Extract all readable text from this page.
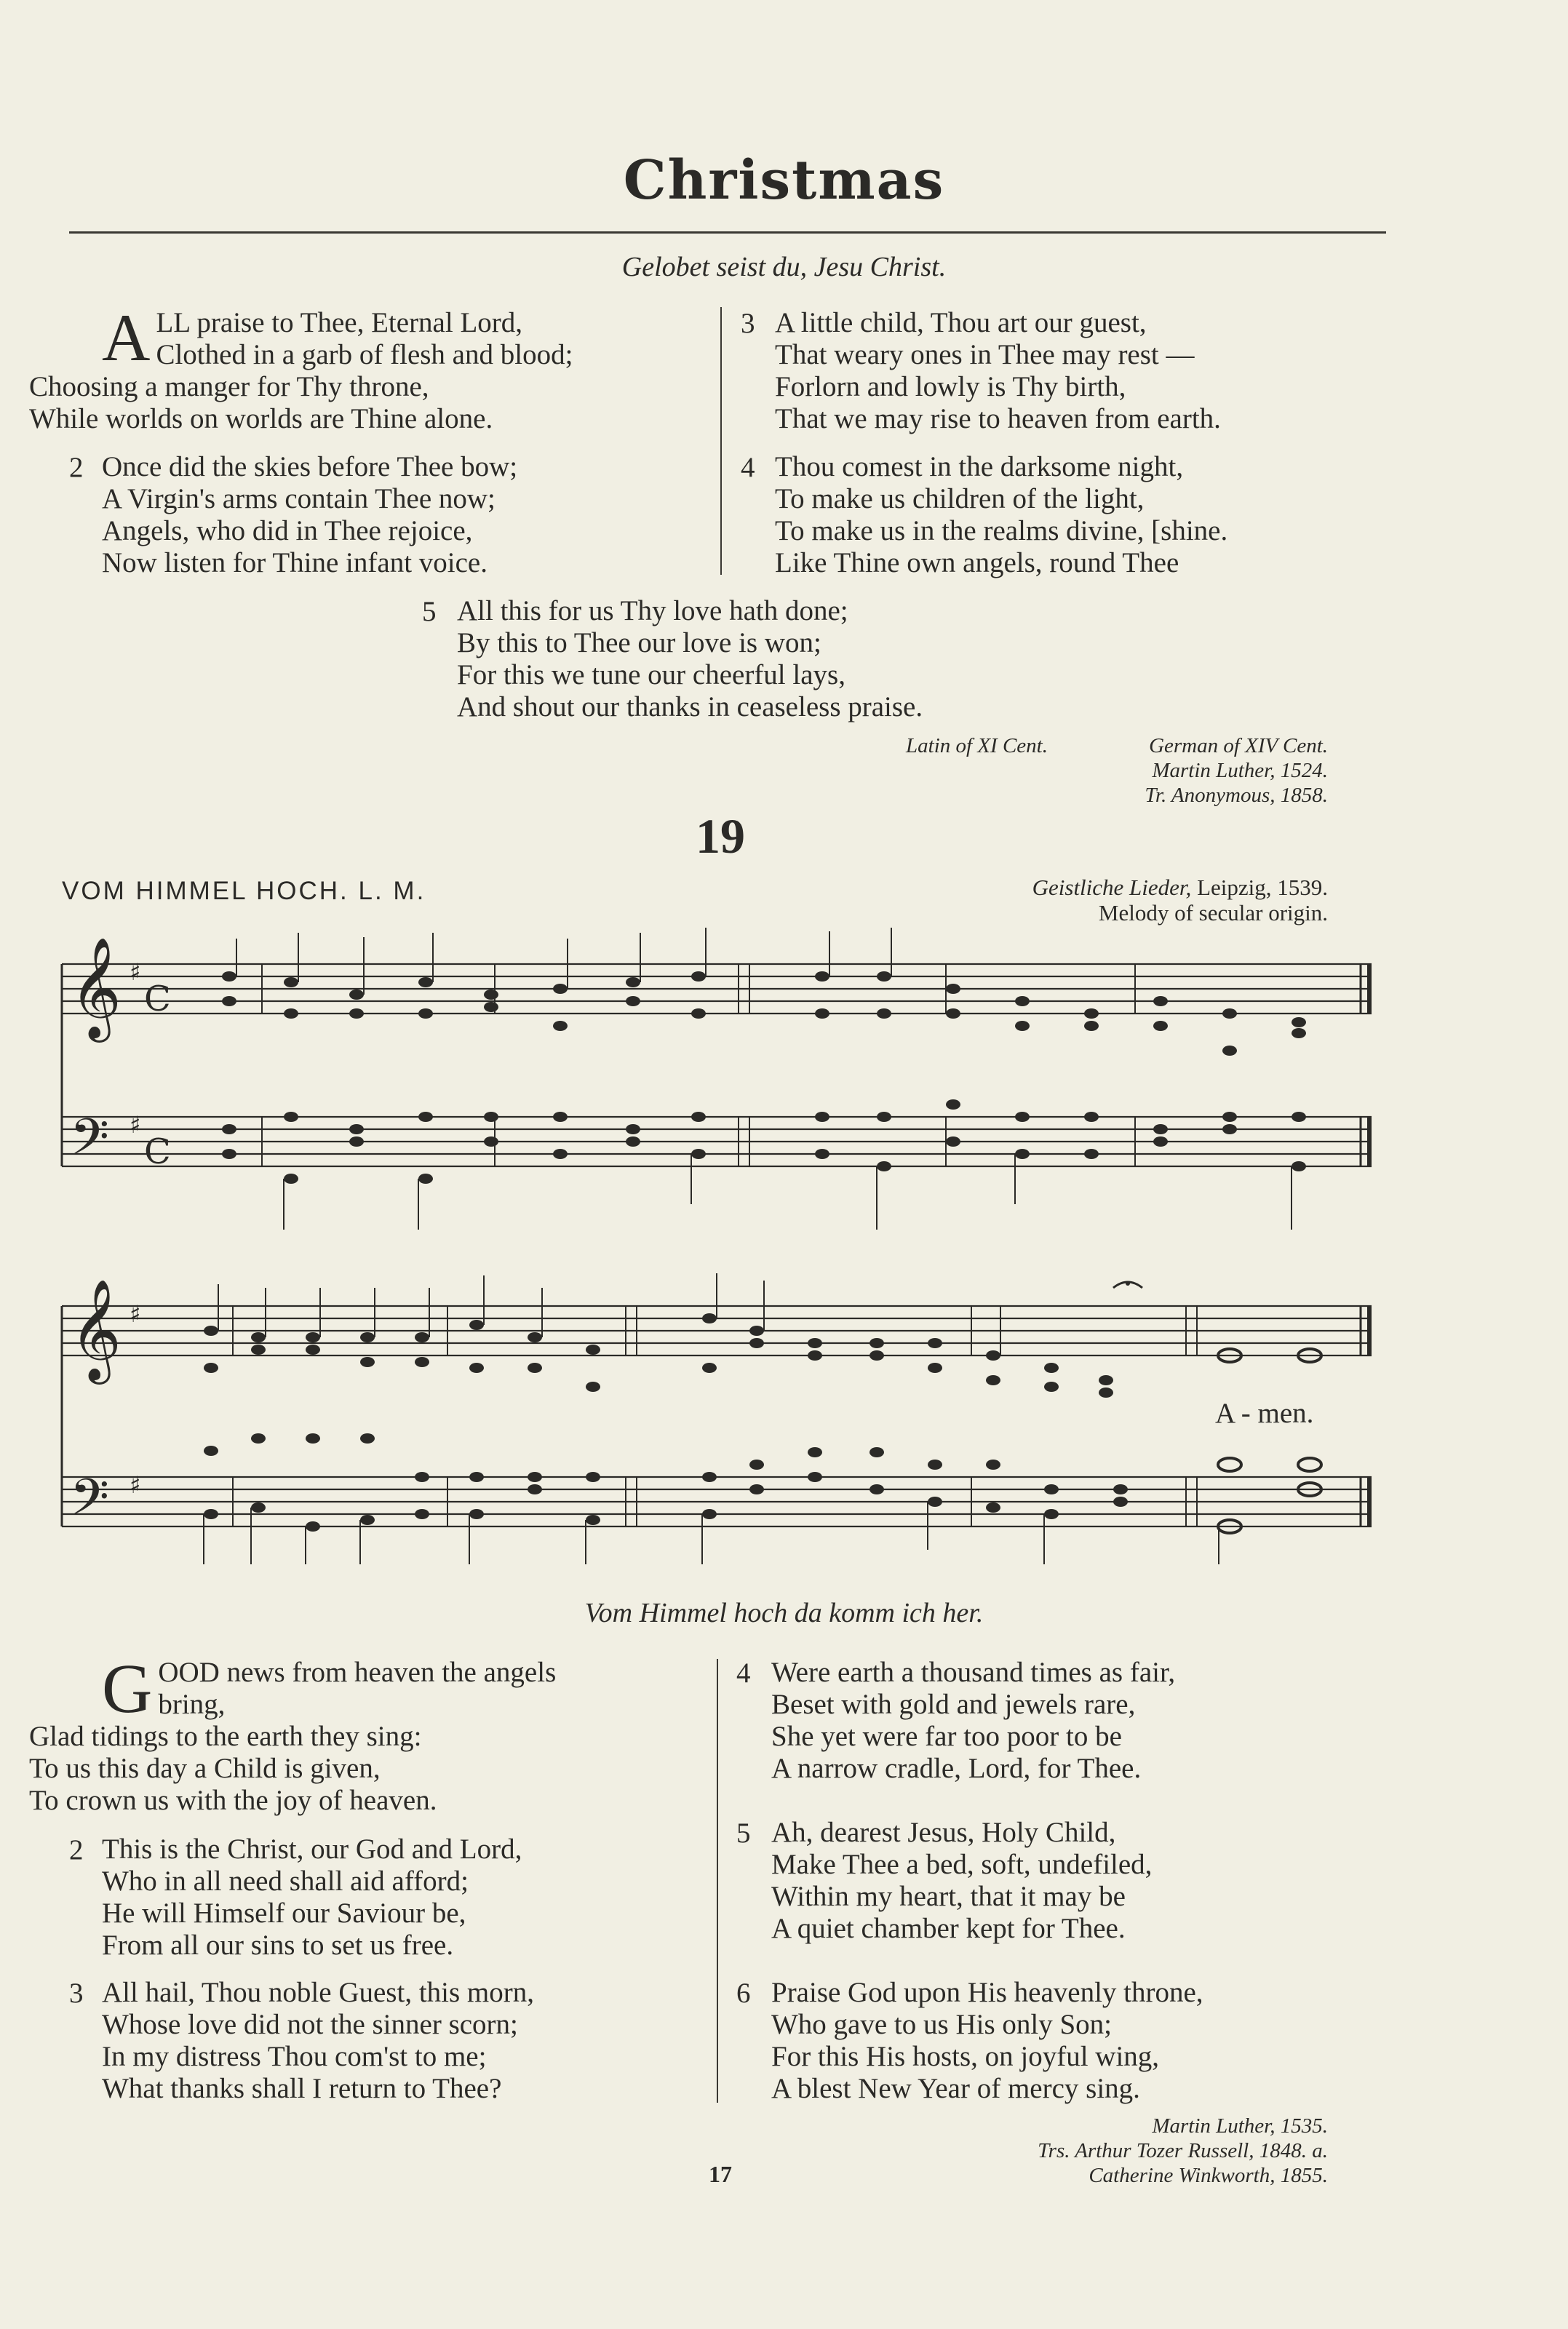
Christmas
Gelobet seist du, Jesu Christ.
A LL praise to Thee, Eternal Lord,
Clothed in a garb of flesh and blood;
Choosing a manger for Thy throne,
While worlds on worlds are Thine alone.
2 Once did the skies before Thee bow;
A Virgin's arms contain Thee now;
Angels, who did in Thee rejoice,
Now listen for Thine infant voice.
3 A little child, Thou art our guest,
That weary ones in Thee may rest —
Forlorn and lowly is Thy birth,
That we may rise to heaven from earth.
4 Thou comest in the darksome night,
To make us children of the light,
To make us in the realms divine, [shine.
Like Thine own angels, round Thee
5 All this for us Thy love hath done;
By this to Thee our love is won;
For this we tune our cheerful lays,
And shout our thanks in ceaseless praise.
Latin of XI Cent.	German of XIV Cent.
Martin Luther, 1524.
Tr. Anonymous, 1858.
19
VOM HIMMEL HOCH. L. M.	Geistliche Lieder, Leipzig, 1539.
Melody of secular origin.
𝄞
𝄢
♯
♯
C
C
𝄞
𝄢
♯
♯
A - men.
Vom Himmel hoch da komm ich her.
G OOD news from heaven the angels
bring,
Glad tidings to the earth they sing:
To us this day a Child is given,
To crown us with the joy of heaven.
2 This is the Christ, our God and Lord,
Who in all need shall aid afford;
He will Himself our Saviour be,
From all our sins to set us free.
3 All hail, Thou noble Guest, this morn,
Whose love did not the sinner scorn;
In my distress Thou com'st to me;
What thanks shall I return to Thee?
4 Were earth a thousand times as fair,
Beset with gold and jewels rare,
She yet were far too poor to be
A narrow cradle, Lord, for Thee.
5 Ah, dearest Jesus, Holy Child,
Make Thee a bed, soft, undefiled,
Within my heart, that it may be
A quiet chamber kept for Thee.
6 Praise God upon His heavenly throne,
Who gave to us His only Son;
For this His hosts, on joyful wing,
A blest New Year of mercy sing.
Martin Luther, 1535.
Trs. Arthur Tozer Russell, 1848. a.
Catherine Winkworth, 1855.
17
